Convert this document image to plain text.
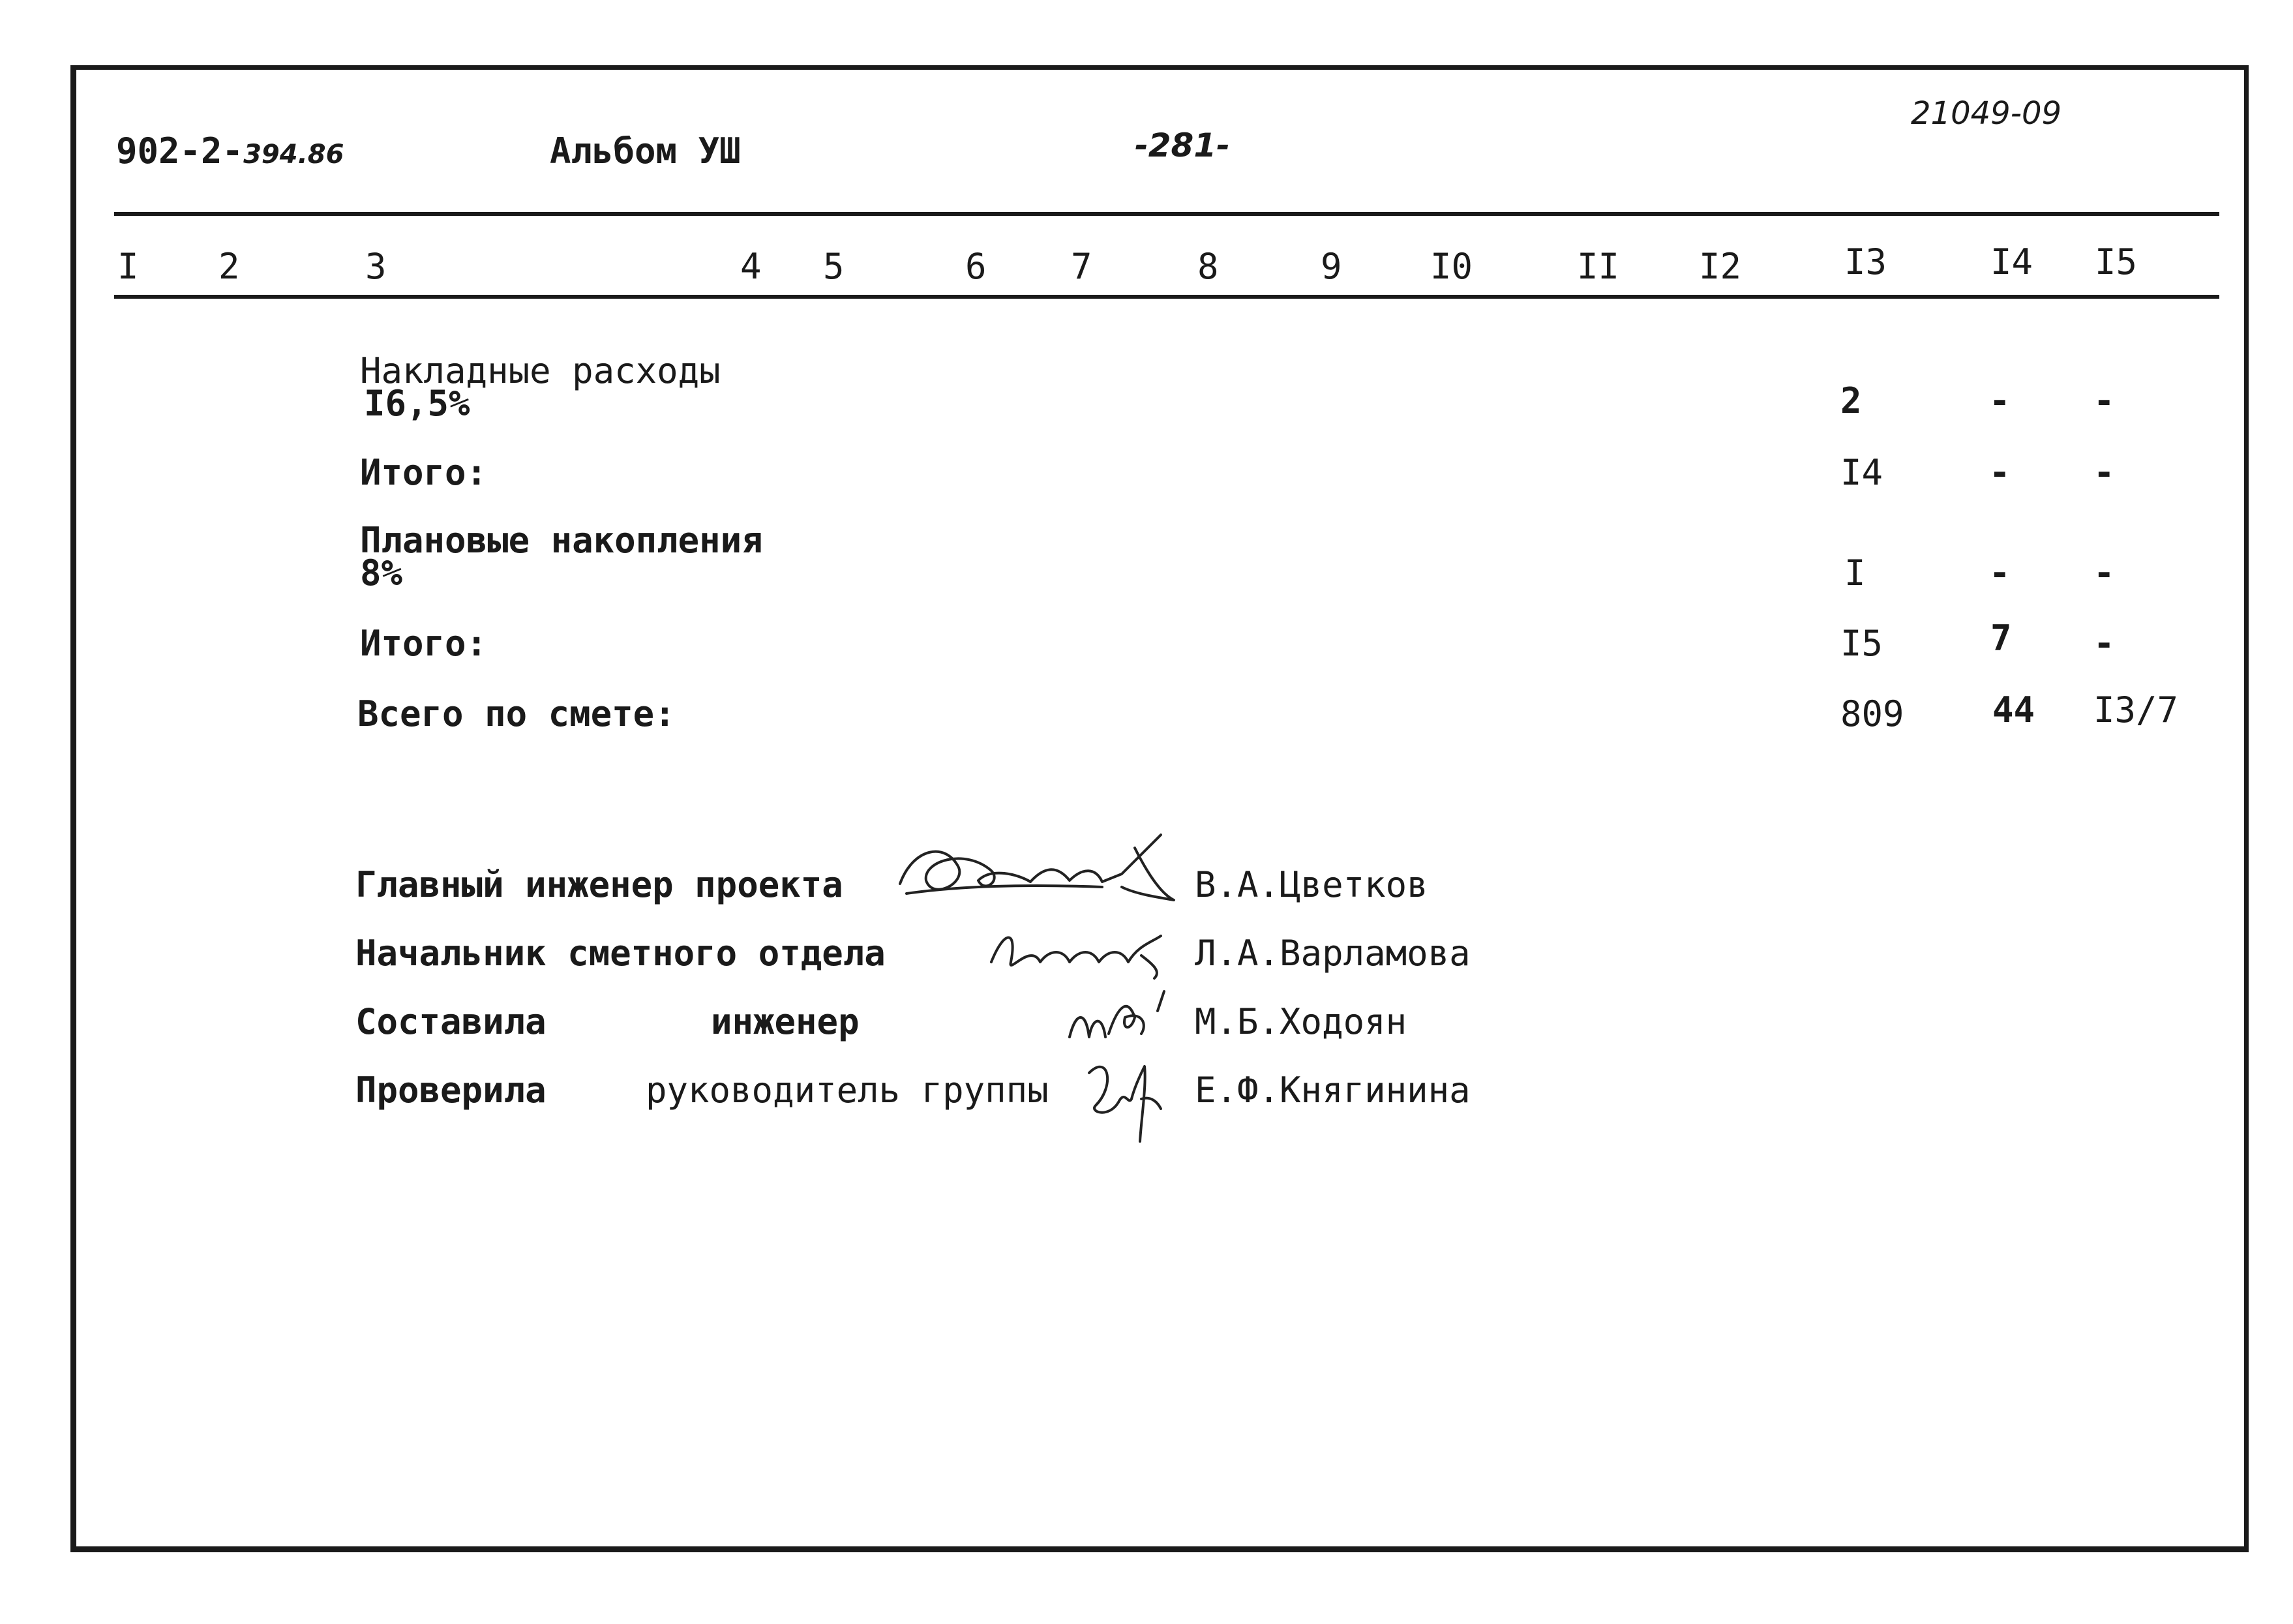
902-2-394.86	Альбом УШ	-281-
21049-09
I 2	3	4 5	6 7	8	9	I0	II I2	I3	I4 I5
Накладные расходы
I6,5%	2	- -
Итого:	I4	- -
Плановые накопления
8%	I	- -
Итого:	I5	7 -
Всего по смете:	809	44 I3/7
Главный инженер проекта	В.А.Цветков
Начальник сметного отдела	Л.А.Варламова
Составила	инженер	М.Б.Ходоян
Проверила	руководитель группы	Е.Ф.Княгинина
